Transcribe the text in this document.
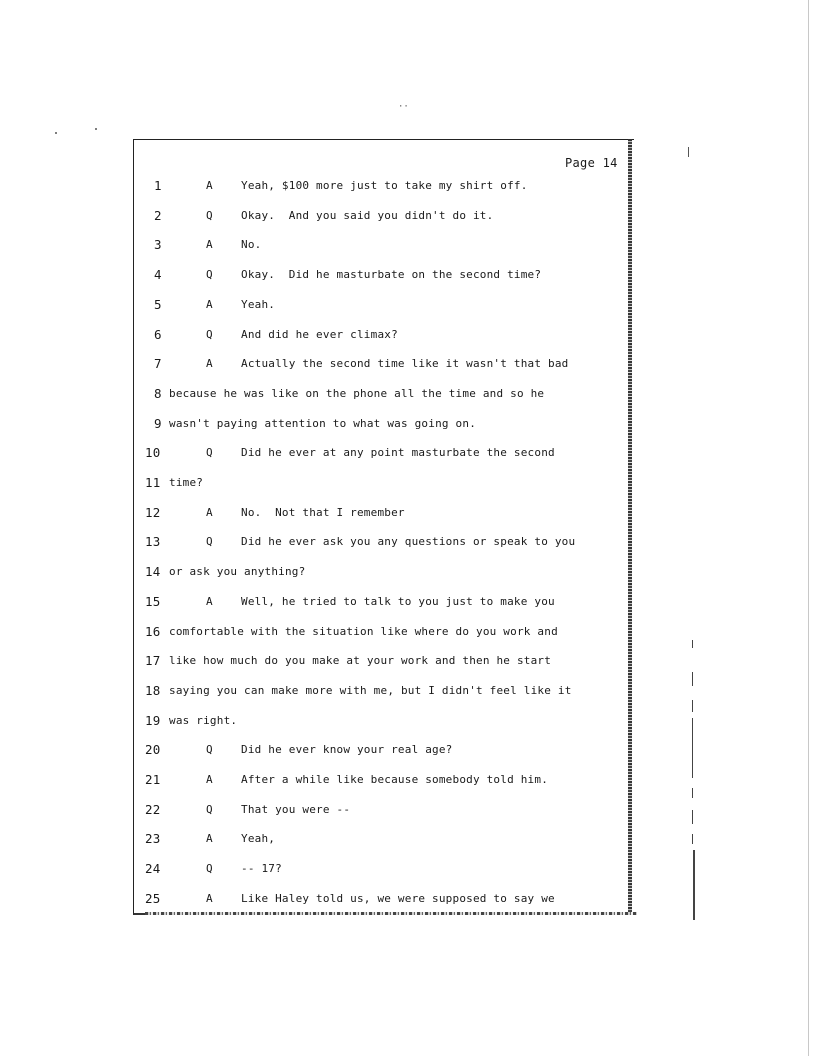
··
Page 14
1	A	Yeah, $100 more just to take my shirt off.
2	Q	Okay.  And you said you didn't do it.
3	A	No.
4	Q	Okay.  Did he masturbate on the second time?
5	A	Yeah.
6	Q	And did he ever climax?
7	A	Actually the second time like it wasn't that bad
8 because he was like on the phone all the time and so he
9 wasn't paying attention to what was going on.
10	Q	Did he ever at any point masturbate the second
11 time?
12	A	No.  Not that I remember
13	Q	Did he ever ask you any questions or speak to you
14 or ask you anything?
15	A	Well, he tried to talk to you just to make you
16 comfortable with the situation like where do you work and
17 like how much do you make at your work and then he start
18 saying you can make more with me, but I didn't feel like it
19 was right.
20	Q	Did he ever know your real age?
21	A	After a while like because somebody told him.
22	Q	That you were --
23	A	Yeah,
24	Q	-- 17?
25	A	Like Haley told us, we were supposed to say we
